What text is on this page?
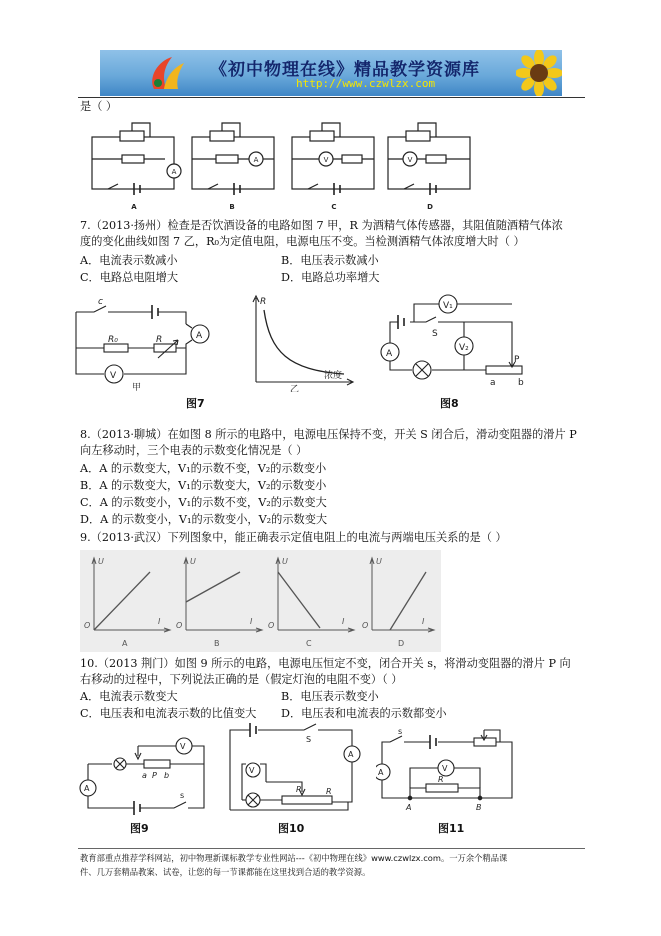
《初中物理在线》精品教学资源库
http://www.czwlzx.com
是（ ）
A
A	V	V
A	B	C	D
7.（2013·扬州）检查是否饮酒设备的电路如图 7 甲，R 为酒精气体传感器，其阻值随酒精气体浓
度的变化曲线如图 7 乙，R₀为定值电阻，电源电压不变。当检测酒精气体浓度增大时（ ）
A．电流表示数减小	B．电压表示数减小
C．电路总电阻增大	D．电路总功率增大
c
R₀	R	A
V
甲
R
浓度
乙
图7
V₁
V₂
A
S
P
a b
图8
8.（2013·聊城）在如图 8 所示的电路中，电源电压保持不变，开关 S 闭合后，滑动变阻器的滑片 P
向左移动时，三个电表的示数变化情况是（ ）
A．A 的示数变大，V₁的示数不变，V₂的示数变小
B．A 的示数变大，V₁的示数变大，V₂的示数变小
C．A 的示数变小，V₁的示数不变，V₂的示数变大
D．A 的示数变小，V₁的示数变小，V₂的示数变大
9.（2013·武汉）下列图象中，能正确表示定值电阻上的电流与两端电压关系的是（ ）
U
O	I
U
O	I
U
O	I
U
O	I
A	B	C	D
10.（2013 荆门）如图 9 所示的电路，电源电压恒定不变，闭合开关 s，将滑动变阻器的滑片 P 向
右移动的过程中，下列说法正确的是（假定灯泡的电阻不变）（ ）
A．电流表示数变大	B．电压表示数变小
C．电压表和电流表示数的比值变大 D．电压表和电流表的示数都变小
V
A
s
a P b
图9
V
A
S
P	R
图10
V
A
s
R
A	B
图11
教育部重点推荐学科网站，初中物理新课标教学专业性网站---《初中物理在线》www.czwlzx.com。一万余个精品课
件、几万套精品教案、试卷，让您的每一节课都能在这里找到合适的教学资源。
